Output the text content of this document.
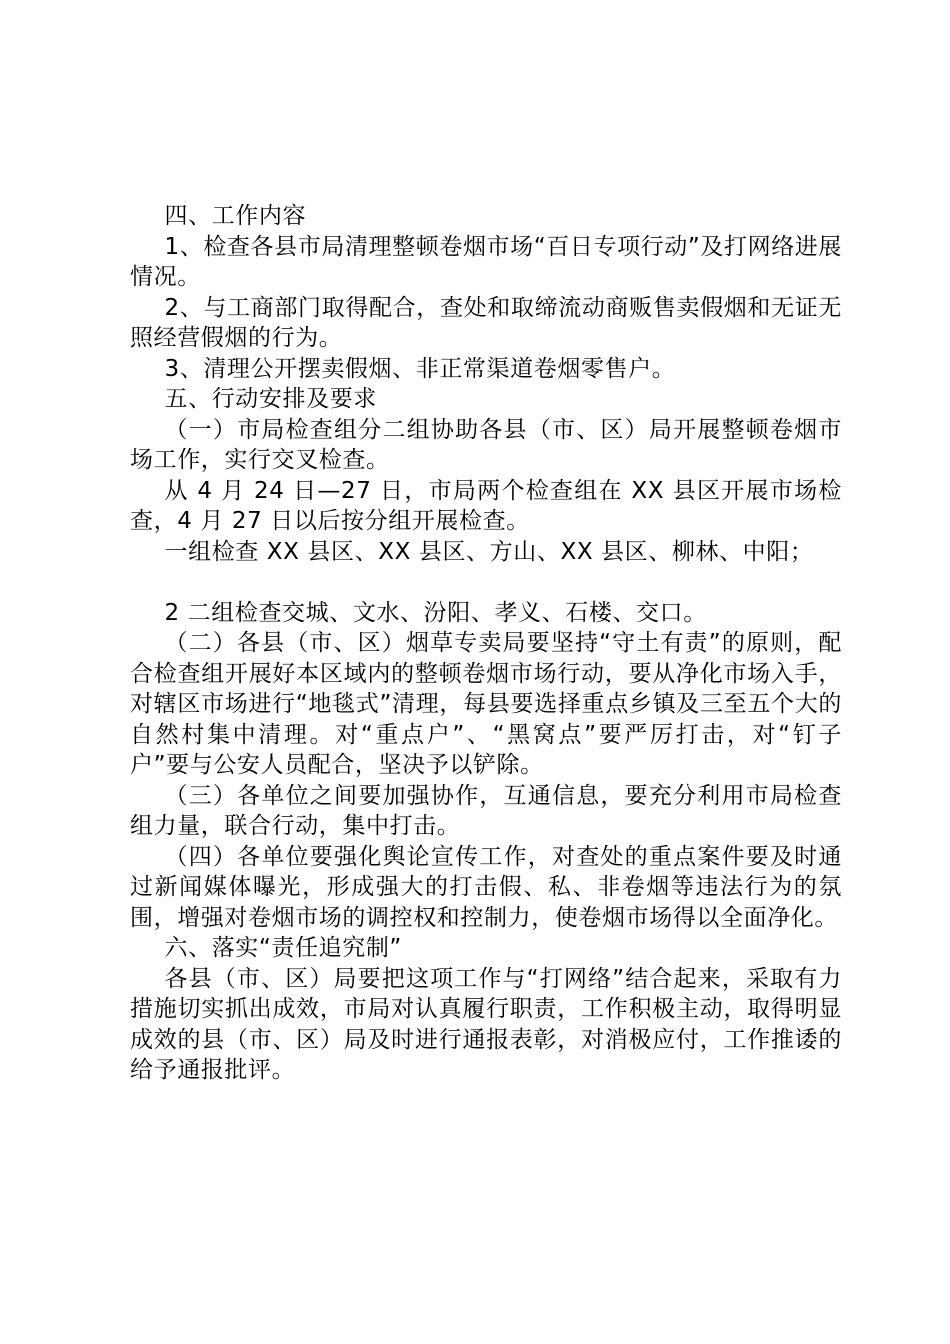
四、工作内容

1、检查各县市局清理整顿卷烟市场“百日专项行动”及打网络进展情况。

2、与工商部门取得配合，查处和取缔流动商贩售卖假烟和无证无照经营假烟的行为。

3、清理公开摆卖假烟、非正常渠道卷烟零售户。

五、行动安排及要求

（一）市局检查组分二组协助各县（市、区）局开展整顿卷烟市场工作，实行交叉检查。

从 4 月 24 日—27 日，市局两个检查组在 XX 县区开展市场检查，4 月 27 日以后按分组开展检查。

一组检查 XX 县区、XX 县区、方山、XX 县区、柳林、中阳；

2 二组检查交城、文水、汾阳、孝义、石楼、交口。

（二）各县（市、区）烟草专卖局要坚持“守土有责”的原则，配合检查组开展好本区域内的整顿卷烟市场行动，要从净化市场入手，对辖区市场进行“地毯式”清理，每县要选择重点乡镇及三至五个大的自然村集中清理。对“重点户”、“黑窝点”要严厉打击，对“钉子户”要与公安人员配合，坚决予以铲除。

（三）各单位之间要加强协作，互通信息，要充分利用市局检查组力量，联合行动，集中打击。

（四）各单位要强化舆论宣传工作，对查处的重点案件要及时通过新闻媒体曝光，形成强大的打击假、私、非卷烟等违法行为的氛围，增强对卷烟市场的调控权和控制力，使卷烟市场得以全面净化。

六、落实“责任追究制”

各县（市、区）局要把这项工作与“打网络”结合起来，采取有力措施切实抓出成效，市局对认真履行职责，工作积极主动，取得明显成效的县（市、区）局及时进行通报表彰，对消极应付，工作推诿的给予通报批评。
